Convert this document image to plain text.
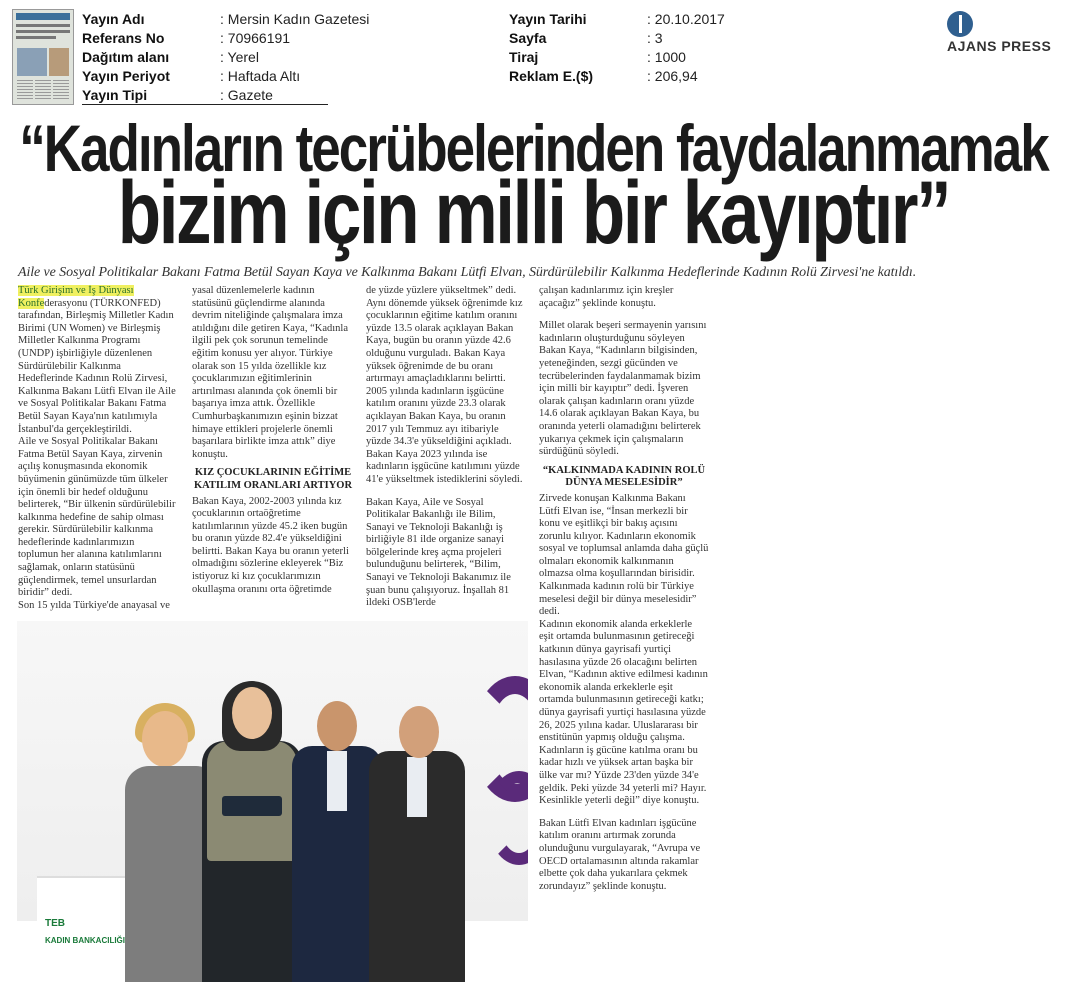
Yayın Adı	: Mersin Kadın Gazetesi
Referans No	: 70966191
Dağıtım alanı	: Yerel
Yayın Periyot	: Haftada Altı
Yayın Tipi	: Gazete
Yayın Tarihi	: 20.10.2017
Sayfa	: 3
Tiraj	: 1000
Reklam E.($)	: 206,94
AJANS PRESS
“Kadınların tecrübelerinden faydalanmamak
bizim için milli bir kayıptır”
Aile ve Sosyal Politikalar Bakanı Fatma Betül Sayan Kaya ve Kalkınma Bakanı Lütfi Elvan, Sürdürülebilir Kalkınma Hedeflerinde Kadının Rolü Zirvesi'ne katıldı.

Türk Girişim ve İş Dünyası Konfederasyonu (TÜRKONFED) tarafından, Birleşmiş Milletler Kadın Birimi (UN Women) ve Birleşmiş Milletler Kalkınma Programı (UNDP) işbirliğiyle düzenlenen Sürdürülebilir Kalkınma Hedeflerinde Kadının Rolü Zirvesi, Kalkınma Bakanı Lütfi Elvan ile Aile ve Sosyal Politikalar Bakanı Fatma Betül Sayan Kaya'nın katılımıyla İstanbul'da gerçekleştirildi.

Aile ve Sosyal Politikalar Bakanı Fatma Betül Sayan Kaya, zirvenin açılış konuşmasında ekonomik büyümenin günümüzde tüm ülkeler için önemli bir hedef olduğunu belirterek, “Bir ülkenin sürdürülebilir kalkınma hedefine de sahip olması gerekir. Sürdürülebilir kalkınma hedeflerinde kadınlarımızın toplumun her alanına katılımlarını sağlamak, onların statüsünü güçlendirmek, temel unsurlardan biridir” dedi.

Son 15 yılda Türkiye'de anayasal ve

yasal düzenlemelerle kadının statüsünü güçlendirme alanında devrim niteliğinde çalışmalara imza atıldığını dile getiren Kaya, “Kadınla ilgili pek çok sorunun temelinde eğitim konusu yer alıyor. Türkiye olarak son 15 yılda özellikle kız çocuklarımızın eğitimlerinin artırılması alanında çok önemli bir başarıya imza attık. Özellikle Cumhurbaşkanımızın eşinin bizzat himaye ettikleri projelerle önemli başarılara birlikte imza attık” diye konuştu.

KIZ ÇOCUKLARININ EĞİTİME KATILIM ORANLARI ARTIYOR

Bakan Kaya, 2002-2003 yılında kız çocuklarının ortaöğretime katılımlarının yüzde 45.2 iken bugün bu oranın yüzde 82.4'e yükseldiğini belirtti. Bakan Kaya bu oranın yeterli olmadığını sözlerine ekleyerek “Biz istiyoruz ki kız çocuklarımızın okullaşma oranını orta öğretimde

de yüzde yüzlere yükseltmek” dedi. Aynı dönemde yüksek öğrenimde kız çocuklarının eğitime katılım oranını yüzde 13.5 olarak açıklayan Bakan Kaya, bugün bu oranın yüzde 42.6 olduğunu vurguladı. Bakan Kaya yüksek öğrenimde de bu oranı artırmayı amaçladıklarını belirtti. 2005 yılında kadınların işgücüne katılım oranını yüzde 23.3 olarak açıklayan Bakan Kaya, bu oranın 2017 yılı Temmuz ayı itibariyle yüzde 34.3'e yükseldiğini açıkladı. Bakan Kaya 2023 yılında ise kadınların işgücüne katılımını yüzde 41'e yükseltmek istediklerini söyledi.

Bakan Kaya, Aile ve Sosyal Politikalar Bakanlığı ile Bilim, Sanayi ve Teknoloji Bakanlığı iş birliğiyle 81 ilde organize sanayi bölgelerinde kreş açma projeleri bulunduğunu belirterek, “Bilim, Sanayi ve Teknoloji Bakanımız ile şuan bunu çalışıyoruz. İnşallah 81 ildeki OSB'lerde

çalışan kadınlarımız için kreşler açacağız” şeklinde konuştu.

Millet olarak beşeri sermayenin yarısını kadınların oluşturduğunu söyleyen Bakan Kaya, “Kadınların bilgisinden, yeteneğinden, sezgi gücünden ve tecrübelerinden faydalanmamak bizim için milli bir kayıptır” dedi. İşveren olarak çalışan kadınların oranı yüzde 14.6 olarak açıklayan Bakan Kaya, bu oranında yeterli olamadığını belirterek yukarıya çekmek için çalışmaların sürdüğünü söyledi.

“KALKINMADA KADININ ROLÜ DÜNYA MESELESİDİR”

Zirvede konuşan Kalkınma Bakanı Lütfi Elvan ise, “İnsan merkezli bir konu ve eşitlikçi bir bakış açısını zorunlu kılıyor. Kadınların ekonomik sosyal ve toplumsal anlamda daha güçlü olmaları ekonomik kalkınmanın olmazsa olma koşullarından birisidir. Kalkınmada kadının rolü bir Türkiye meselesi değil bir dünya meselesidir” dedi.

Kadının ekonomik alanda erkeklerle eşit ortamda bulunmasının getireceği katkının dünya gayrisafi yurtiçi hasılasına yüzde 26 olacağını belirten Elvan, “Kadının aktive edilmesi kadının ekonomik alanda erkeklerle eşit ortamda bulunmasının getireceği katkı; dünya gayrisafi yurtiçi hasılasına yüzde 26, 2025 yılına kadar. Uluslararası bir enstitünün yapmış olduğu çalışma. Kadınların iş gücüne katılma oranı bu kadar hızlı ve yüksek artan başka bir ülke var mı? Yüzde 23'den yüzde 34'e geldik. Peki yüzde 34 yeterli mi? Hayır. Kesinlikle yeterli değil” diye konuştu.

Bakan Lütfi Elvan kadınları işgücüne katılım oranını artırmak zorunda olunduğunu vurgulayarak, “Avrupa ve OECD ortalamasının altında rakamlar elbette çok daha yukarılara çekmek zorundayız” şeklinde konuştu.

TEB
KADIN BANKACILIĞI
